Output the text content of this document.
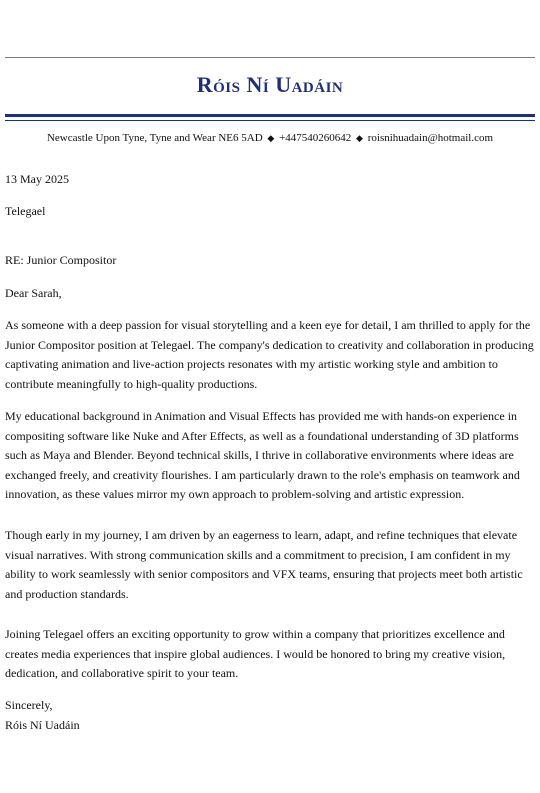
Róis Ní Uadáin
Newcastle Upon Tyne, Tyne and Wear NE6 5AD ◆ +447540260642 ◆ roisnihuadain@hotmail.com

13 May 2025

Telegael

RE: Junior Compositor

Dear Sarah,

As someone with a deep passion for visual storytelling and a keen eye for detail, I am thrilled to apply for the Junior Compositor position at Telegael. The company's dedication to creativity and collaboration in producing captivating animation and live-action projects resonates with my artistic working style and ambition to contribute meaningfully to high-quality productions.

My educational background in Animation and Visual Effects has provided me with hands-on experience in compositing software like Nuke and After Effects, as well as a foundational understanding of 3D platforms such as Maya and Blender. Beyond technical skills, I thrive in collaborative environments where ideas are exchanged freely, and creativity flourishes. I am particularly drawn to the role's emphasis on teamwork and innovation, as these values mirror my own approach to problem-solving and artistic expression.

Though early in my journey, I am driven by an eagerness to learn, adapt, and refine techniques that elevate visual narratives. With strong communication skills and a commitment to precision, I am confident in my ability to work seamlessly with senior compositors and VFX teams, ensuring that projects meet both artistic and production standards.

Joining Telegael offers an exciting opportunity to grow within a company that prioritizes excellence and creates media experiences that inspire global audiences. I would be honored to bring my creative vision, dedication, and collaborative spirit to your team.

Sincerely,

Róis Ní Uadáin
